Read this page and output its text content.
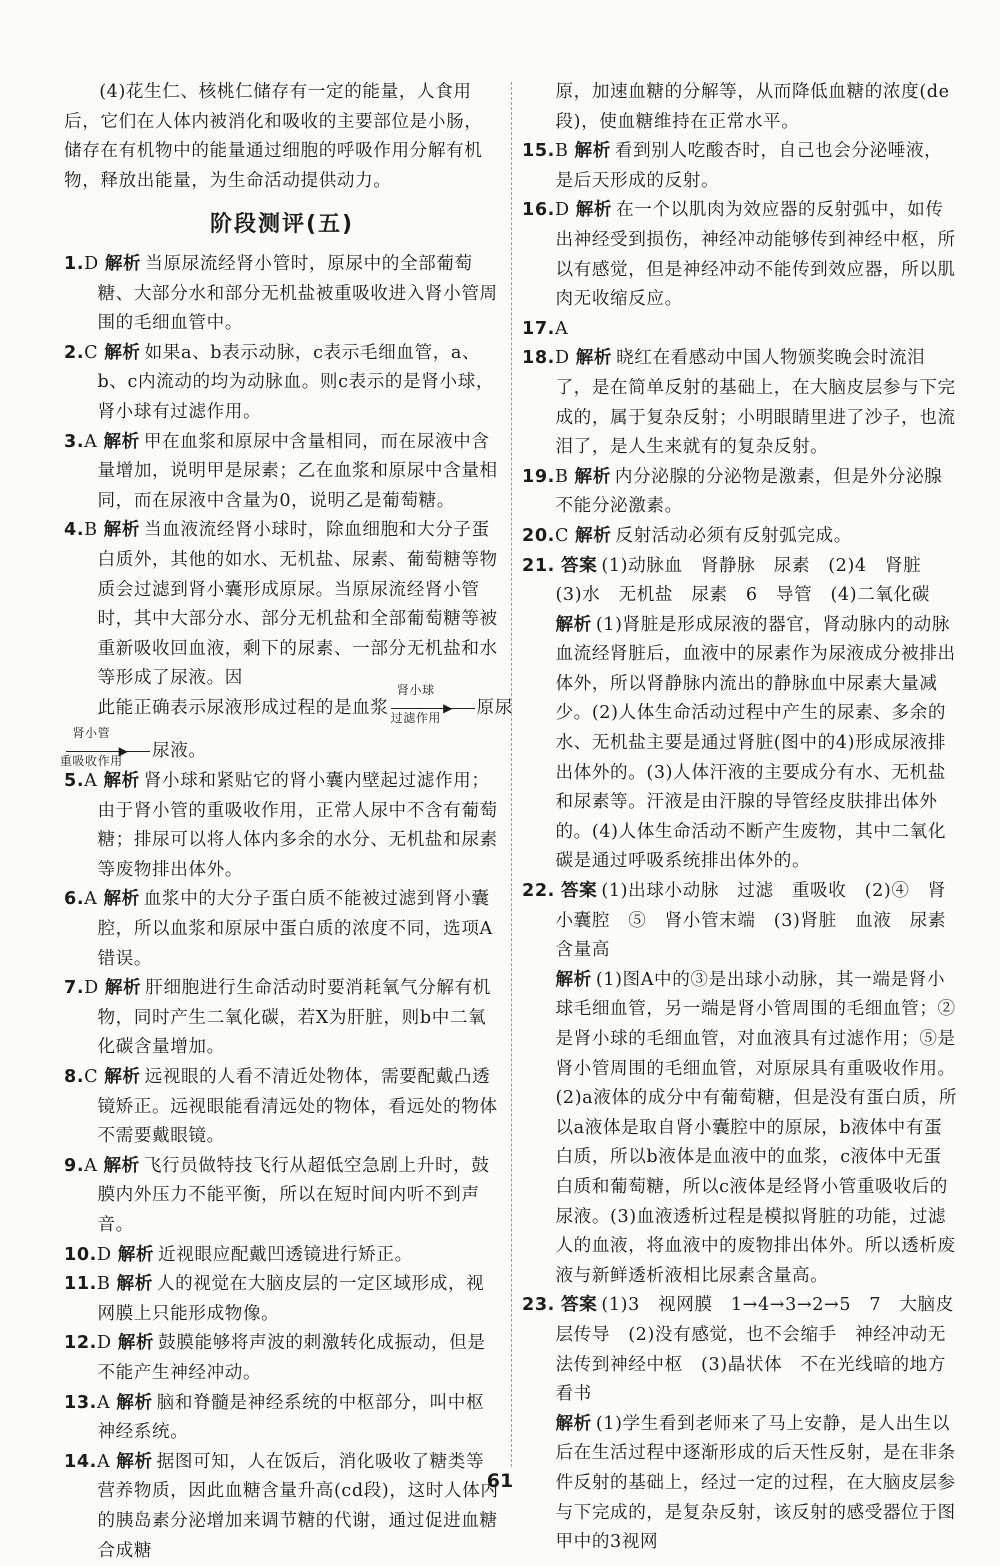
(4)花生仁、核桃仁储存有一定的能量，人食用后，它们在人体内被消化和吸收的主要部位是小肠，储存在有机物中的能量通过细胞的呼吸作用分解有机物，释放出能量，为生命活动提供动力。

阶段测评(五)

1.D 解析 当原尿流经肾小管时，原尿中的全部葡萄糖、大部分水和部分无机盐被重吸收进入肾小管周围的毛细血管中。

2.C 解析 如果a、b表示动脉，c表示毛细血管，a、b、c内流动的均为动脉血。则c表示的是肾小球，肾小球有过滤作用。

3.A 解析 甲在血浆和原尿中含量相同，而在尿液中含量增加，说明甲是尿素；乙在血浆和原尿中含量相同，而在尿液中含量为0，说明乙是葡萄糖。

4.B 解析 当血液流经肾小球时，除血细胞和大分子蛋白质外，其他的如水、无机盐、尿素、葡萄糖等物质会过滤到肾小囊形成原尿。当原尿流经肾小管时，其中大部分水、部分无机盐和全部葡萄糖等被重新吸收回血液，剩下的尿素、一部分无机盐和水等形成了尿液。因此能正确表示尿液形成过程的是血浆
肾小球
▶
过滤作用	原尿
肾小管
▶
重吸收作用	尿液。

5.A 解析 肾小球和紧贴它的肾小囊内壁起过滤作用；由于肾小管的重吸收作用，正常人尿中不含有葡萄糖；排尿可以将人体内多余的水分、无机盐和尿素等废物排出体外。

6.A 解析 血浆中的大分子蛋白质不能被过滤到肾小囊腔，所以血浆和原尿中蛋白质的浓度不同，选项A错误。

7.D 解析 肝细胞进行生命活动时要消耗氧气分解有机物，同时产生二氧化碳，若X为肝脏，则b中二氧化碳含量增加。

8.C 解析 远视眼的人看不清近处物体，需要配戴凸透镜矫正。远视眼能看清远处的物体，看远处的物体不需要戴眼镜。

9.A 解析 飞行员做特技飞行从超低空急剧上升时，鼓膜内外压力不能平衡，所以在短时间内听不到声音。

10.D 解析 近视眼应配戴凹透镜进行矫正。

11.B 解析 人的视觉在大脑皮层的一定区域形成，视网膜上只能形成物像。

12.D 解析 鼓膜能够将声波的刺激转化成振动，但是不能产生神经冲动。

13.A 解析 脑和脊髓是神经系统的中枢部分，叫中枢神经系统。

14.A 解析 据图可知，人在饭后，消化吸收了糖类等营养物质，因此血糖含量升高(cd段)，这时人体内的胰岛素分泌增加来调节糖的代谢，通过促进血糖合成糖

原，加速血糖的分解等，从而降低血糖的浓度(de段)，使血糖维持在正常水平。

15.B 解析 看到别人吃酸杏时，自己也会分泌唾液，是后天形成的反射。

16.D 解析 在一个以肌肉为效应器的反射弧中，如传出神经受到损伤，神经冲动能够传到神经中枢，所以有感觉，但是神经冲动不能传到效应器，所以肌肉无收缩反应。

17.A

18.D 解析 晓红在看感动中国人物颁奖晚会时流泪了，是在简单反射的基础上，在大脑皮层参与下完成的，属于复杂反射；小明眼睛里进了沙子，也流泪了，是人生来就有的复杂反射。

19.B 解析 内分泌腺的分泌物是激素，但是外分泌腺不能分泌激素。

20.C 解析 反射活动必须有反射弧完成。

21. 答案 (1)动脉血　肾静脉　尿素　(2)4　肾脏　(3)水　无机盐　尿素　6　导管　(4)二氧化碳

解析 (1)肾脏是形成尿液的器官，肾动脉内的动脉血流经肾脏后，血液中的尿素作为尿液成分被排出体外，所以肾静脉内流出的静脉血中尿素大量减少。(2)人体生命活动过程中产生的尿素、多余的水、无机盐主要是通过肾脏(图中的4)形成尿液排出体外的。(3)人体汗液的主要成分有水、无机盐和尿素等。汗液是由汗腺的导管经皮肤排出体外的。(4)人体生命活动不断产生废物，其中二氧化碳是通过呼吸系统排出体外的。

22. 答案 (1)出球小动脉　过滤　重吸收　(2)④　肾小囊腔　⑤　肾小管末端　(3)肾脏　血液　尿素含量高

解析 (1)图A中的③是出球小动脉，其一端是肾小球毛细血管，另一端是肾小管周围的毛细血管；②是肾小球的毛细血管，对血液具有过滤作用；⑤是肾小管周围的毛细血管，对原尿具有重吸收作用。(2)a液体的成分中有葡萄糖，但是没有蛋白质，所以a液体是取自肾小囊腔中的原尿，b液体中有蛋白质，所以b液体是血液中的血浆，c液体中无蛋白质和葡萄糖，所以c液体是经肾小管重吸收后的尿液。(3)血液透析过程是模拟肾脏的功能，过滤人的血液，将血液中的废物排出体外。所以透析废液与新鲜透析液相比尿素含量高。

23. 答案 (1)3　视网膜　1→4→3→2→5　7　大脑皮层传导　(2)没有感觉，也不会缩手　神经冲动无法传到神经中枢　(3)晶状体　不在光线暗的地方看书

解析 (1)学生看到老师来了马上安静，是人出生以后在生活过程中逐渐形成的后天性反射，是在非条件反射的基础上，经过一定的过程，在大脑皮层参与下完成的，是复杂反射，该反射的感受器位于图甲中的3视网

61
